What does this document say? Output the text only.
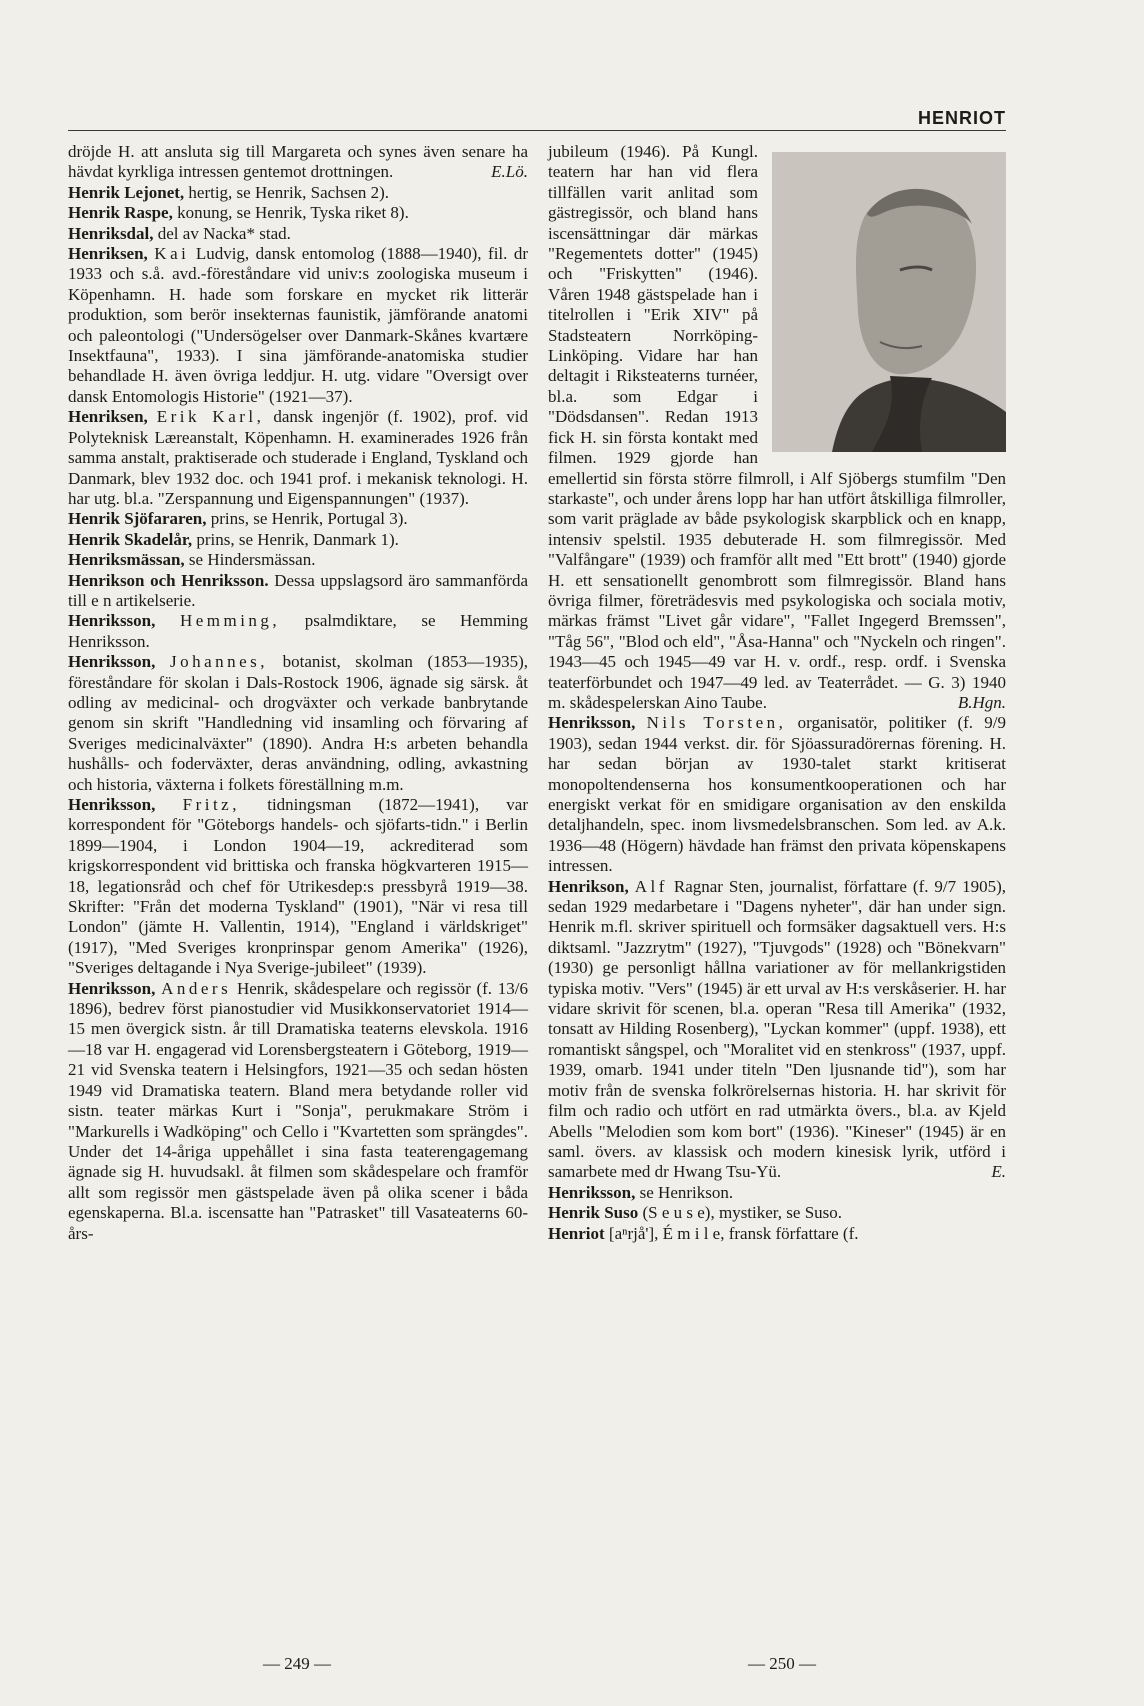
HENRIOT

dröjde H. att ansluta sig till Margareta och synes även senare ha hävdat kyrkliga intressen gentemot drottningen.	E.Lö.

Henrik Lejonet, hertig, se Henrik, Sachsen 2).

Henrik Raspe, konung, se Henrik, Tyska riket 8).

Henriksdal, del av Nacka* stad.

Henriksen, Kai Ludvig, dansk entomolog (1888—1940), fil. dr 1933 och s.å. avd.-föreståndare vid univ:s zoologiska museum i Köpenhamn. H. hade som forskare en mycket rik litterär produktion, som berör insekternas faunistik, jämförande anatomi och paleontologi ("Undersögelser over Danmark-Skånes kvartære Insektfauna", 1933). I sina jämförande-anatomiska studier behandlade H. även övriga leddjur. H. utg. vidare "Oversigt over dansk Entomologis Historie" (1921—37).

Henriksen, Erik Karl, dansk ingenjör (f. 1902), prof. vid Polyteknisk Læreanstalt, Köpenhamn. H. examinerades 1926 från samma anstalt, praktiserade och studerade i England, Tyskland och Danmark, blev 1932 doc. och 1941 prof. i mekanisk teknologi. H. har utg. bl.a. "Zerspannung und Eigenspannungen" (1937).

Henrik Sjöfararen, prins, se Henrik, Portugal 3).

Henrik Skadelår, prins, se Henrik, Danmark 1).

Henriksmässan, se Hindersmässan.

Henrikson och Henriksson. Dessa uppslagsord äro sammanförda till e n artikelserie.

Henriksson, Hemming, psalmdiktare, se Hemming Henriksson.

Henriksson, Johannes, botanist, skolman (1853—1935), föreståndare för skolan i Dals-Rostock 1906, ägnade sig särsk. åt odling av medicinal- och drogväxter och verkade banbrytande genom sin skrift "Handledning vid insamling och förvaring af Sveriges medicinalväxter" (1890). Andra H:s arbeten behandla hushålls- och foderväxter, deras användning, odling, avkastning och historia, växterna i folkets föreställning m.m.

Henriksson, Fritz, tidningsman (1872—1941), var korrespondent för "Göteborgs handels- och sjöfarts-tidn." i Berlin 1899—1904, i London 1904—19, ackrediterad som krigskorrespondent vid brittiska och franska högkvarteren 1915—18, legationsråd och chef för Utrikesdep:s pressbyrå 1919—38. Skrifter: "Från det moderna Tyskland" (1901), "När vi resa till London" (jämte H. Vallentin, 1914), "England i världskriget" (1917), "Med Sveriges kronprinspar genom Amerika" (1926), "Sveriges deltagande i Nya Sverige-jubileet" (1939).

Henriksson, Anders Henrik, skådespelare och regissör (f. 13/6 1896), bedrev först pianostudier vid Musikkonservatoriet 1914—15 men övergick sistn. år till Dramatiska teaterns elevskola. 1916—18 var H. engagerad vid Lorensbergsteatern i Göteborg, 1919—21 vid Svenska teatern i Helsingfors, 1921—35 och sedan hösten 1949 vid Dramatiska teatern. Bland mera betydande roller vid sistn. teater märkas Kurt i "Sonja", perukmakare Ström i "Markurells i Wadköping" och Cello i "Kvartetten som sprängdes". Under det 14-åriga uppehållet i sina fasta teaterengagemang ägnade sig H. huvudsakl. åt filmen som skådespelare och framför allt som regissör men gästspelade även på olika scener i båda egenskaperna. Bl.a. iscensatte han "Patrasket" till Vasateaterns 60-års-

jubileum (1946). På Kungl. teatern har han vid flera tillfällen varit anlitad som gästregissör, och bland hans iscensättningar där märkas "Regementets dotter" (1945) och "Friskytten" (1946). Våren 1948 gästspelade han i titelrollen i "Erik XIV" på Stadsteatern Norrköping-Linköping. Vidare har han deltagit i Riksteaterns turnéer, bl.a. som Edgar i "Dödsdansen". Redan 1913 fick H. sin första kontakt med filmen. 1929 gjorde han emellertid sin första större filmroll, i Alf Sjöbergs stumfilm "Den starkaste", och under årens lopp har han utfört åtskilliga filmroller, som varit präglade av både psykologisk skarpblick och en knapp, intensiv spelstil. 1935 debuterade H. som filmregissör. Med "Valfångare" (1939) och framför allt med "Ett brott" (1940) gjorde H. ett sensationellt genombrott som filmregissör. Bland hans övriga filmer, företrädesvis med psykologiska och sociala motiv, märkas främst "Livet går vidare", "Fallet Ingegerd Bremssen", "Tåg 56", "Blod och eld", "Åsa-Hanna" och "Nyckeln och ringen". 1943—45 och 1945—49 var H. v. ordf., resp. ordf. i Svenska teaterförbundet och 1947—49 led. av Teaterrådet. — G. 3) 1940 m. skådespelerskan Aino Taube.	B.Hgn.

Henriksson, Nils Torsten, organisatör, politiker (f. 9/9 1903), sedan 1944 verkst. dir. för Sjöassuradörernas förening. H. har sedan början av 1930-talet starkt kritiserat monopoltendenserna hos konsumentkooperationen och har energiskt verkat för en smidigare organisation av den enskilda detaljhandeln, spec. inom livsmedelsbranschen. Som led. av A.k. 1936—48 (Högern) hävdade han främst den privata köpenskapens intressen.

Henrikson, Alf Ragnar Sten, journalist, författare (f. 9/7 1905), sedan 1929 medarbetare i "Dagens nyheter", där han under sign. Henrik m.fl. skriver spirituell och formsäker dagsaktuell vers. H:s diktsaml. "Jazzrytm" (1927), "Tjuvgods" (1928) och "Bönekvarn" (1930) ge personligt hållna variationer av för mellankrigstiden typiska motiv. "Vers" (1945) är ett urval av H:s verskåserier. H. har vidare skrivit för scenen, bl.a. operan "Resa till Amerika" (1932, tonsatt av Hilding Rosenberg), "Lyckan kommer" (uppf. 1938), ett romantiskt sångspel, och "Moralitet vid en stenkross" (1937, uppf. 1939, omarb. 1941 under titeln "Den ljusnande tid"), som har motiv från de svenska folkrörelsernas historia. H. har skrivit för film och radio och utfört en rad utmärkta övers., bl.a. av Kjeld Abells "Melodien som kom bort" (1936). "Kineser" (1945) är en saml. övers. av klassisk och modern kinesisk lyrik, utförd i samarbete med dr Hwang Tsu-Yü.	E.

Henriksson, se Henrikson.

Henrik Suso (S e u s e), mystiker, se Suso.

Henriot [aⁿrjå'], É m i l e, fransk författare (f.

— 249 —	— 250 —
